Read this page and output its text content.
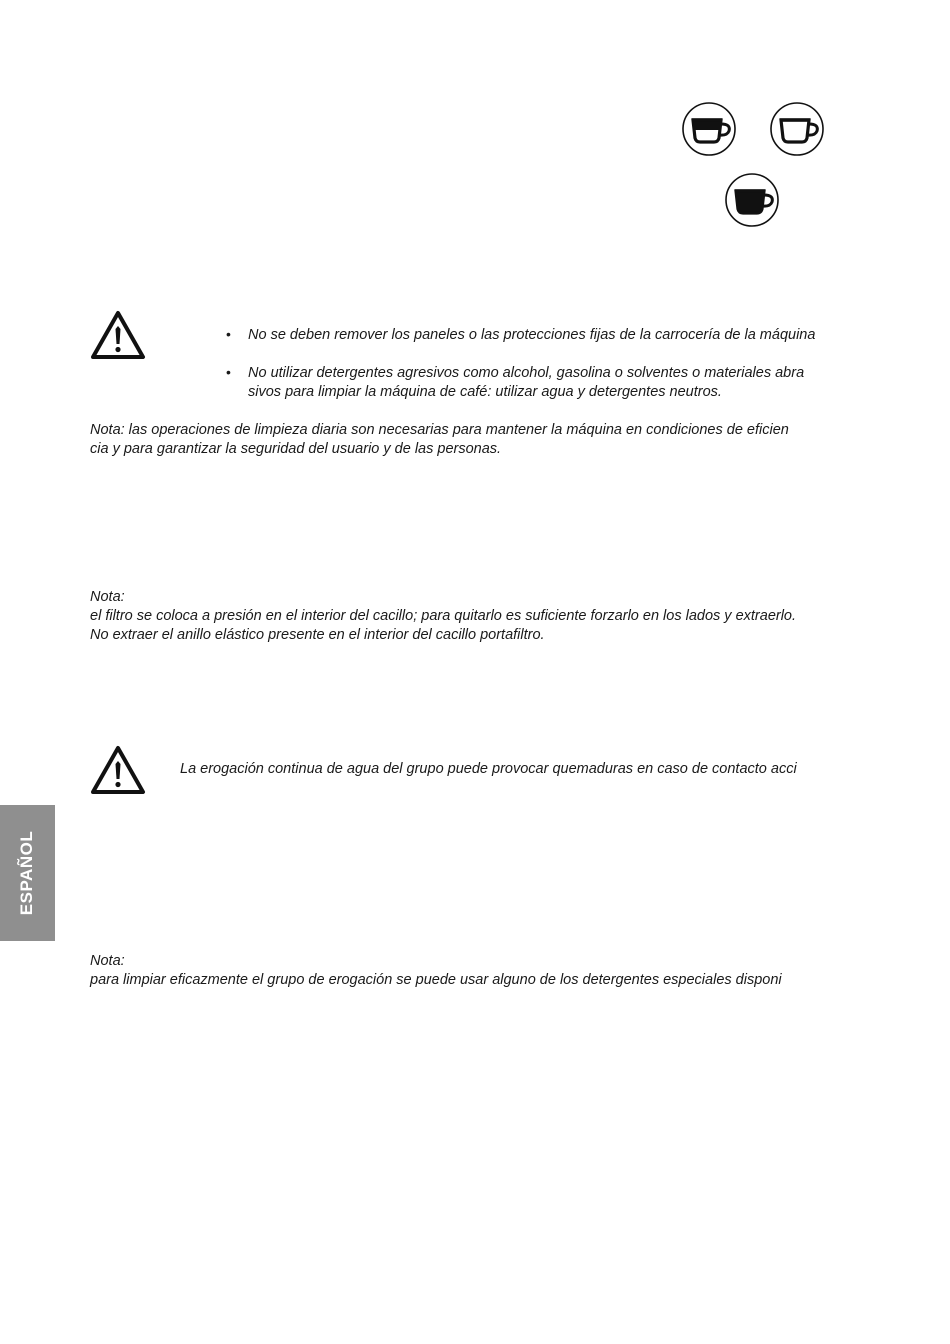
• No se deben remover los paneles o las protecciones fijas de la carrocería de la máquina
• No utilizar detergentes agresivos como alcohol, gasolina o solventes o materiales abra
sivos para limpiar la máquina de café: utilizar agua y detergentes neutros.
Nota: las operaciones de limpieza diaria son necesarias para mantener la máquina en condiciones de eficien
cia y para garantizar la seguridad del usuario y de las personas.
Nota:
el filtro se coloca a presión en el interior del cacillo; para quitarlo es suficiente forzarlo en los lados y extraerlo.
No extraer el anillo elástico presente en el interior del cacillo portafiltro.
La erogación continua de agua del grupo puede provocar quemaduras en caso de contacto acci
ESPAÑOL
Nota:
para limpiar eficazmente el grupo de erogación se puede usar alguno de los detergentes especiales disponi
